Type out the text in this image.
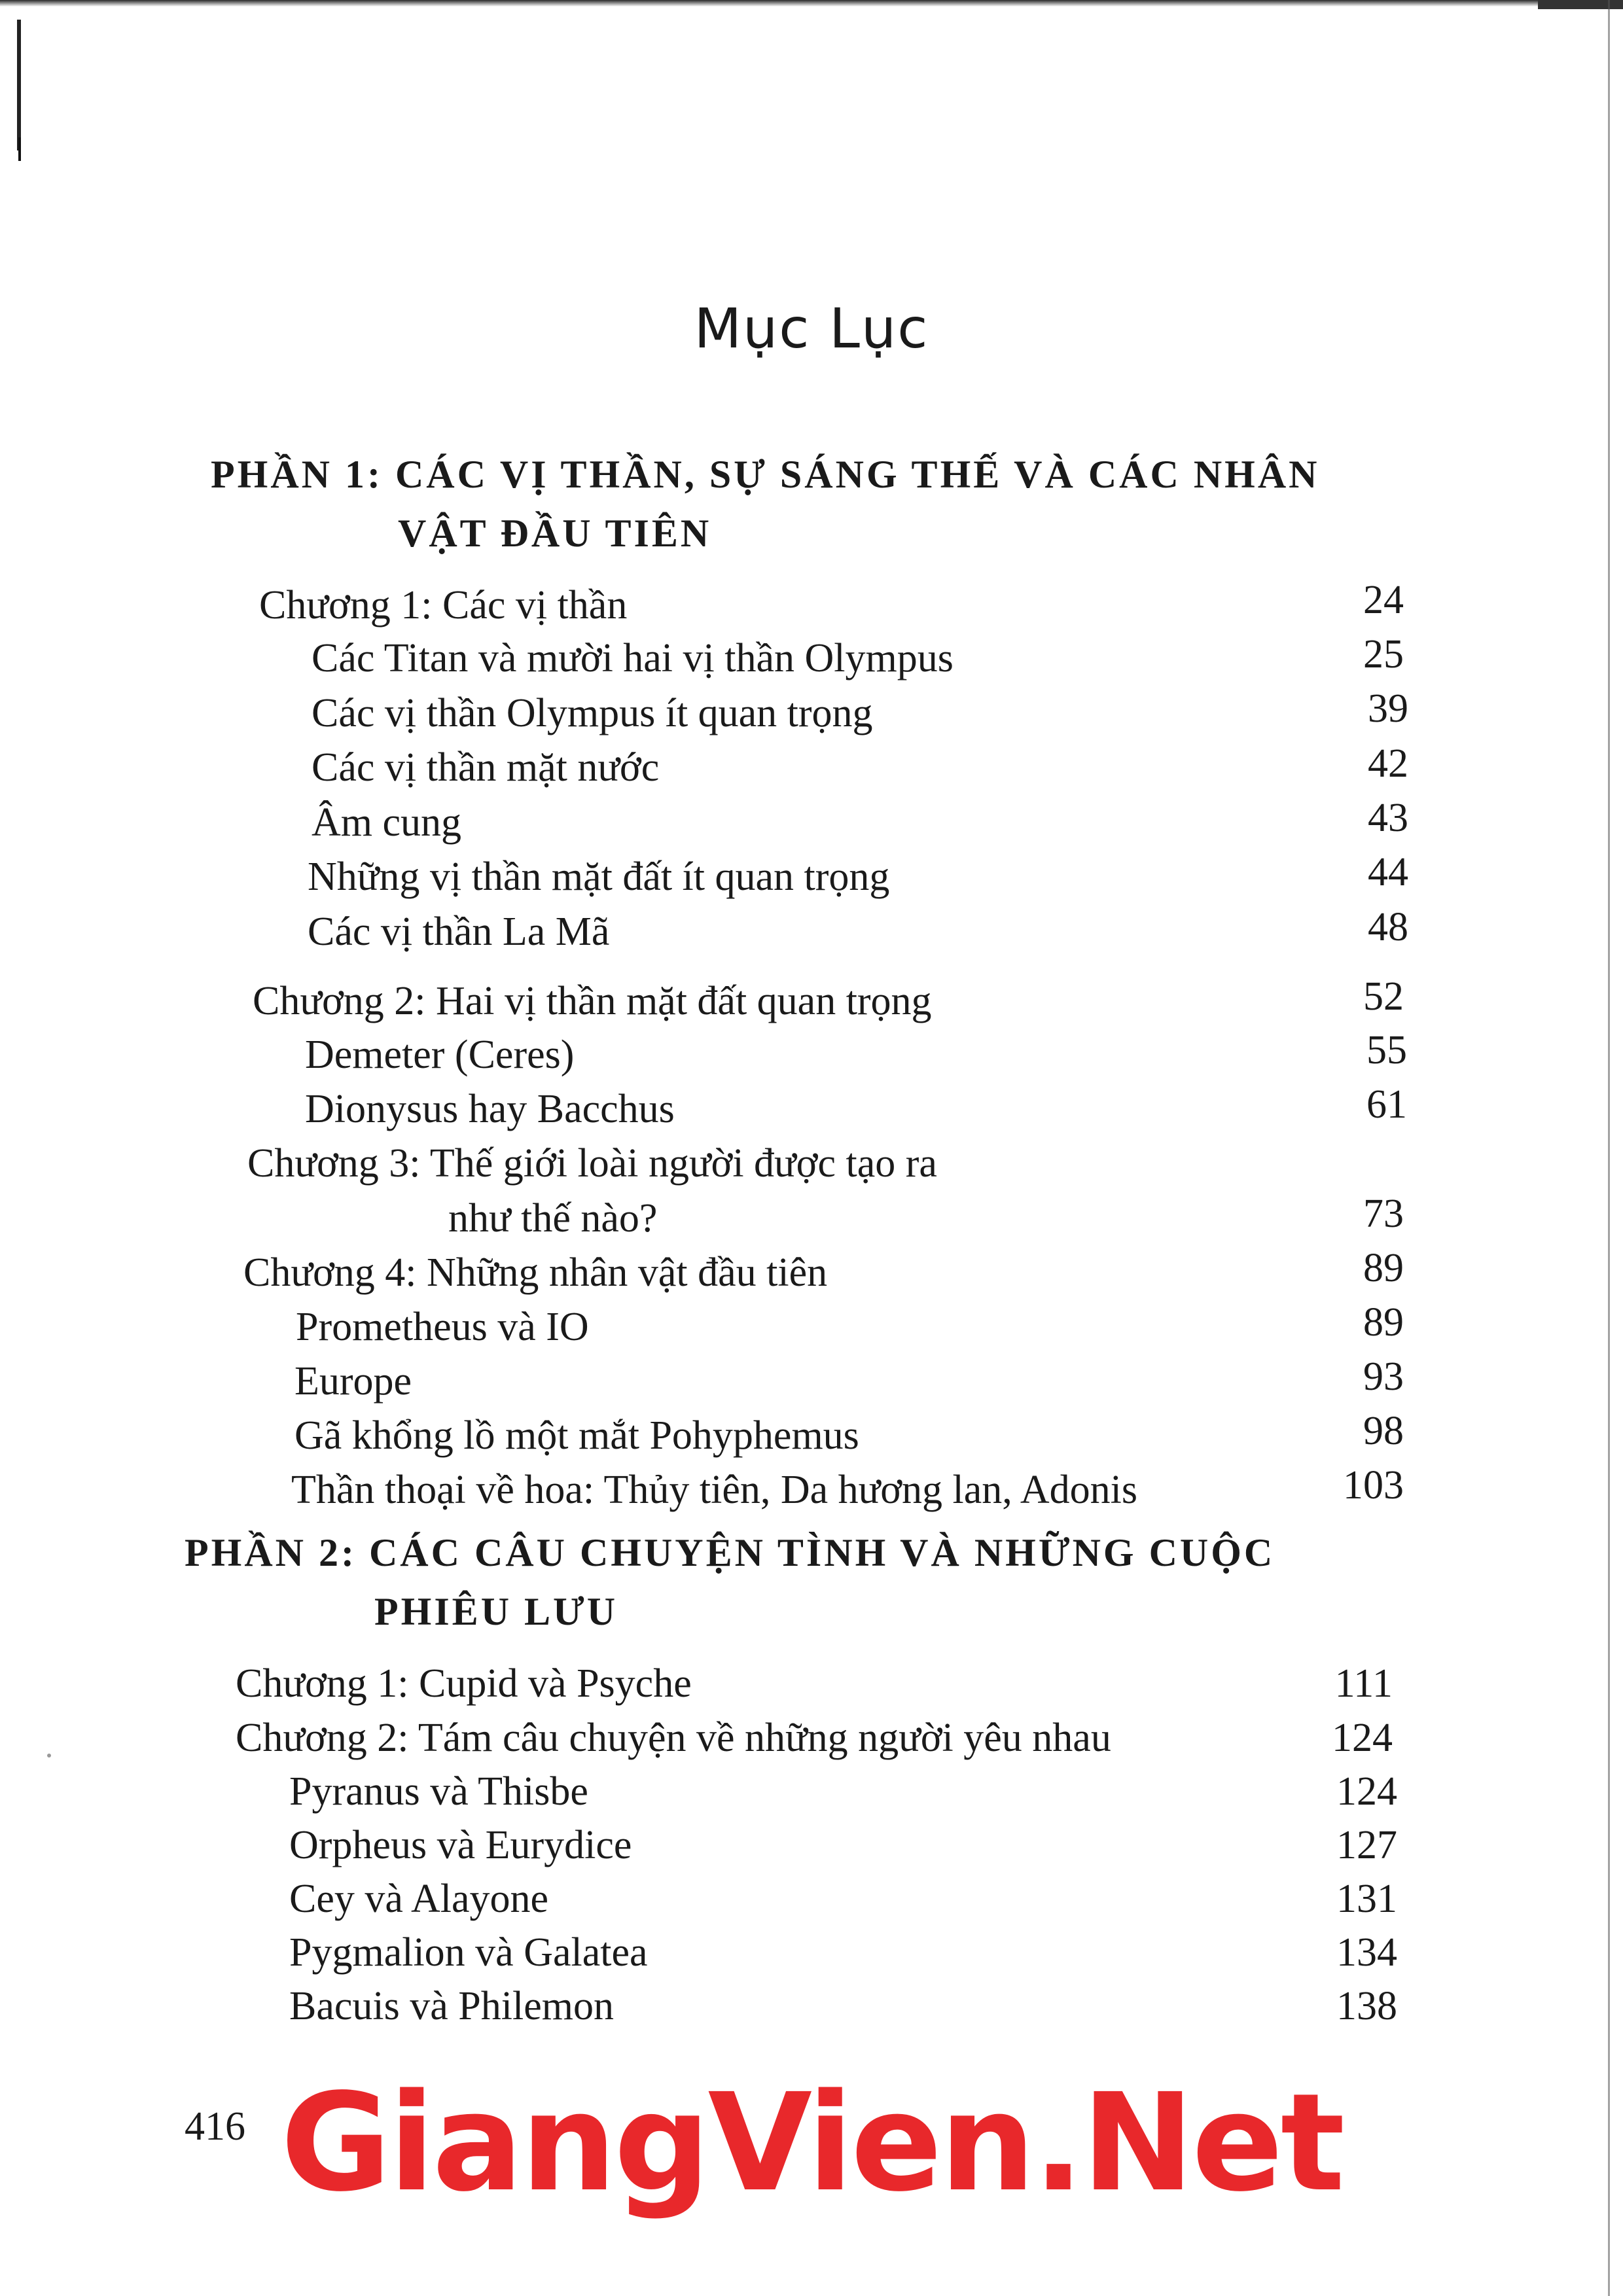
Mục Lục
PHẦN 1: CÁC VỊ THẦN, SỰ SÁNG THẾ VÀ CÁC NHÂN
VẬT ĐẦU TIÊN
Chương 1: Các vị thần	24
Các Titan và mười hai vị thần Olympus	25
Các vị thần Olympus ít quan trọng	39
Các vị thần mặt nước	42
Âm cung	43
Những vị thần mặt đất ít quan trọng	44
Các vị thần La Mã	48
Chương 2: Hai vị thần mặt đất quan trọng	52
Demeter (Ceres)	55
Dionysus hay Bacchus	61
Chương 3: Thế giới loài người được tạo ra
như thế nào?	73
Chương 4: Những nhân vật đầu tiên	89
Prometheus và IO	89
Europe	93
Gã khổng lồ một mắt Pohyphemus	98
Thần thoại về hoa: Thủy tiên, Da hương lan, Adonis	103
PHẦN 2: CÁC CÂU CHUYỆN TÌNH VÀ NHỮNG CUỘC
PHIÊU LƯU
Chương 1: Cupid và Psyche	111
Chương 2: Tám câu chuyện về những người yêu nhau	124
Pyranus và Thisbe	124
Orpheus và Eurydice	127
Cey và Alayone	131
Pygmalion và Galatea	134
Bacuis và Philemon	138
416 GiangVien.Net
